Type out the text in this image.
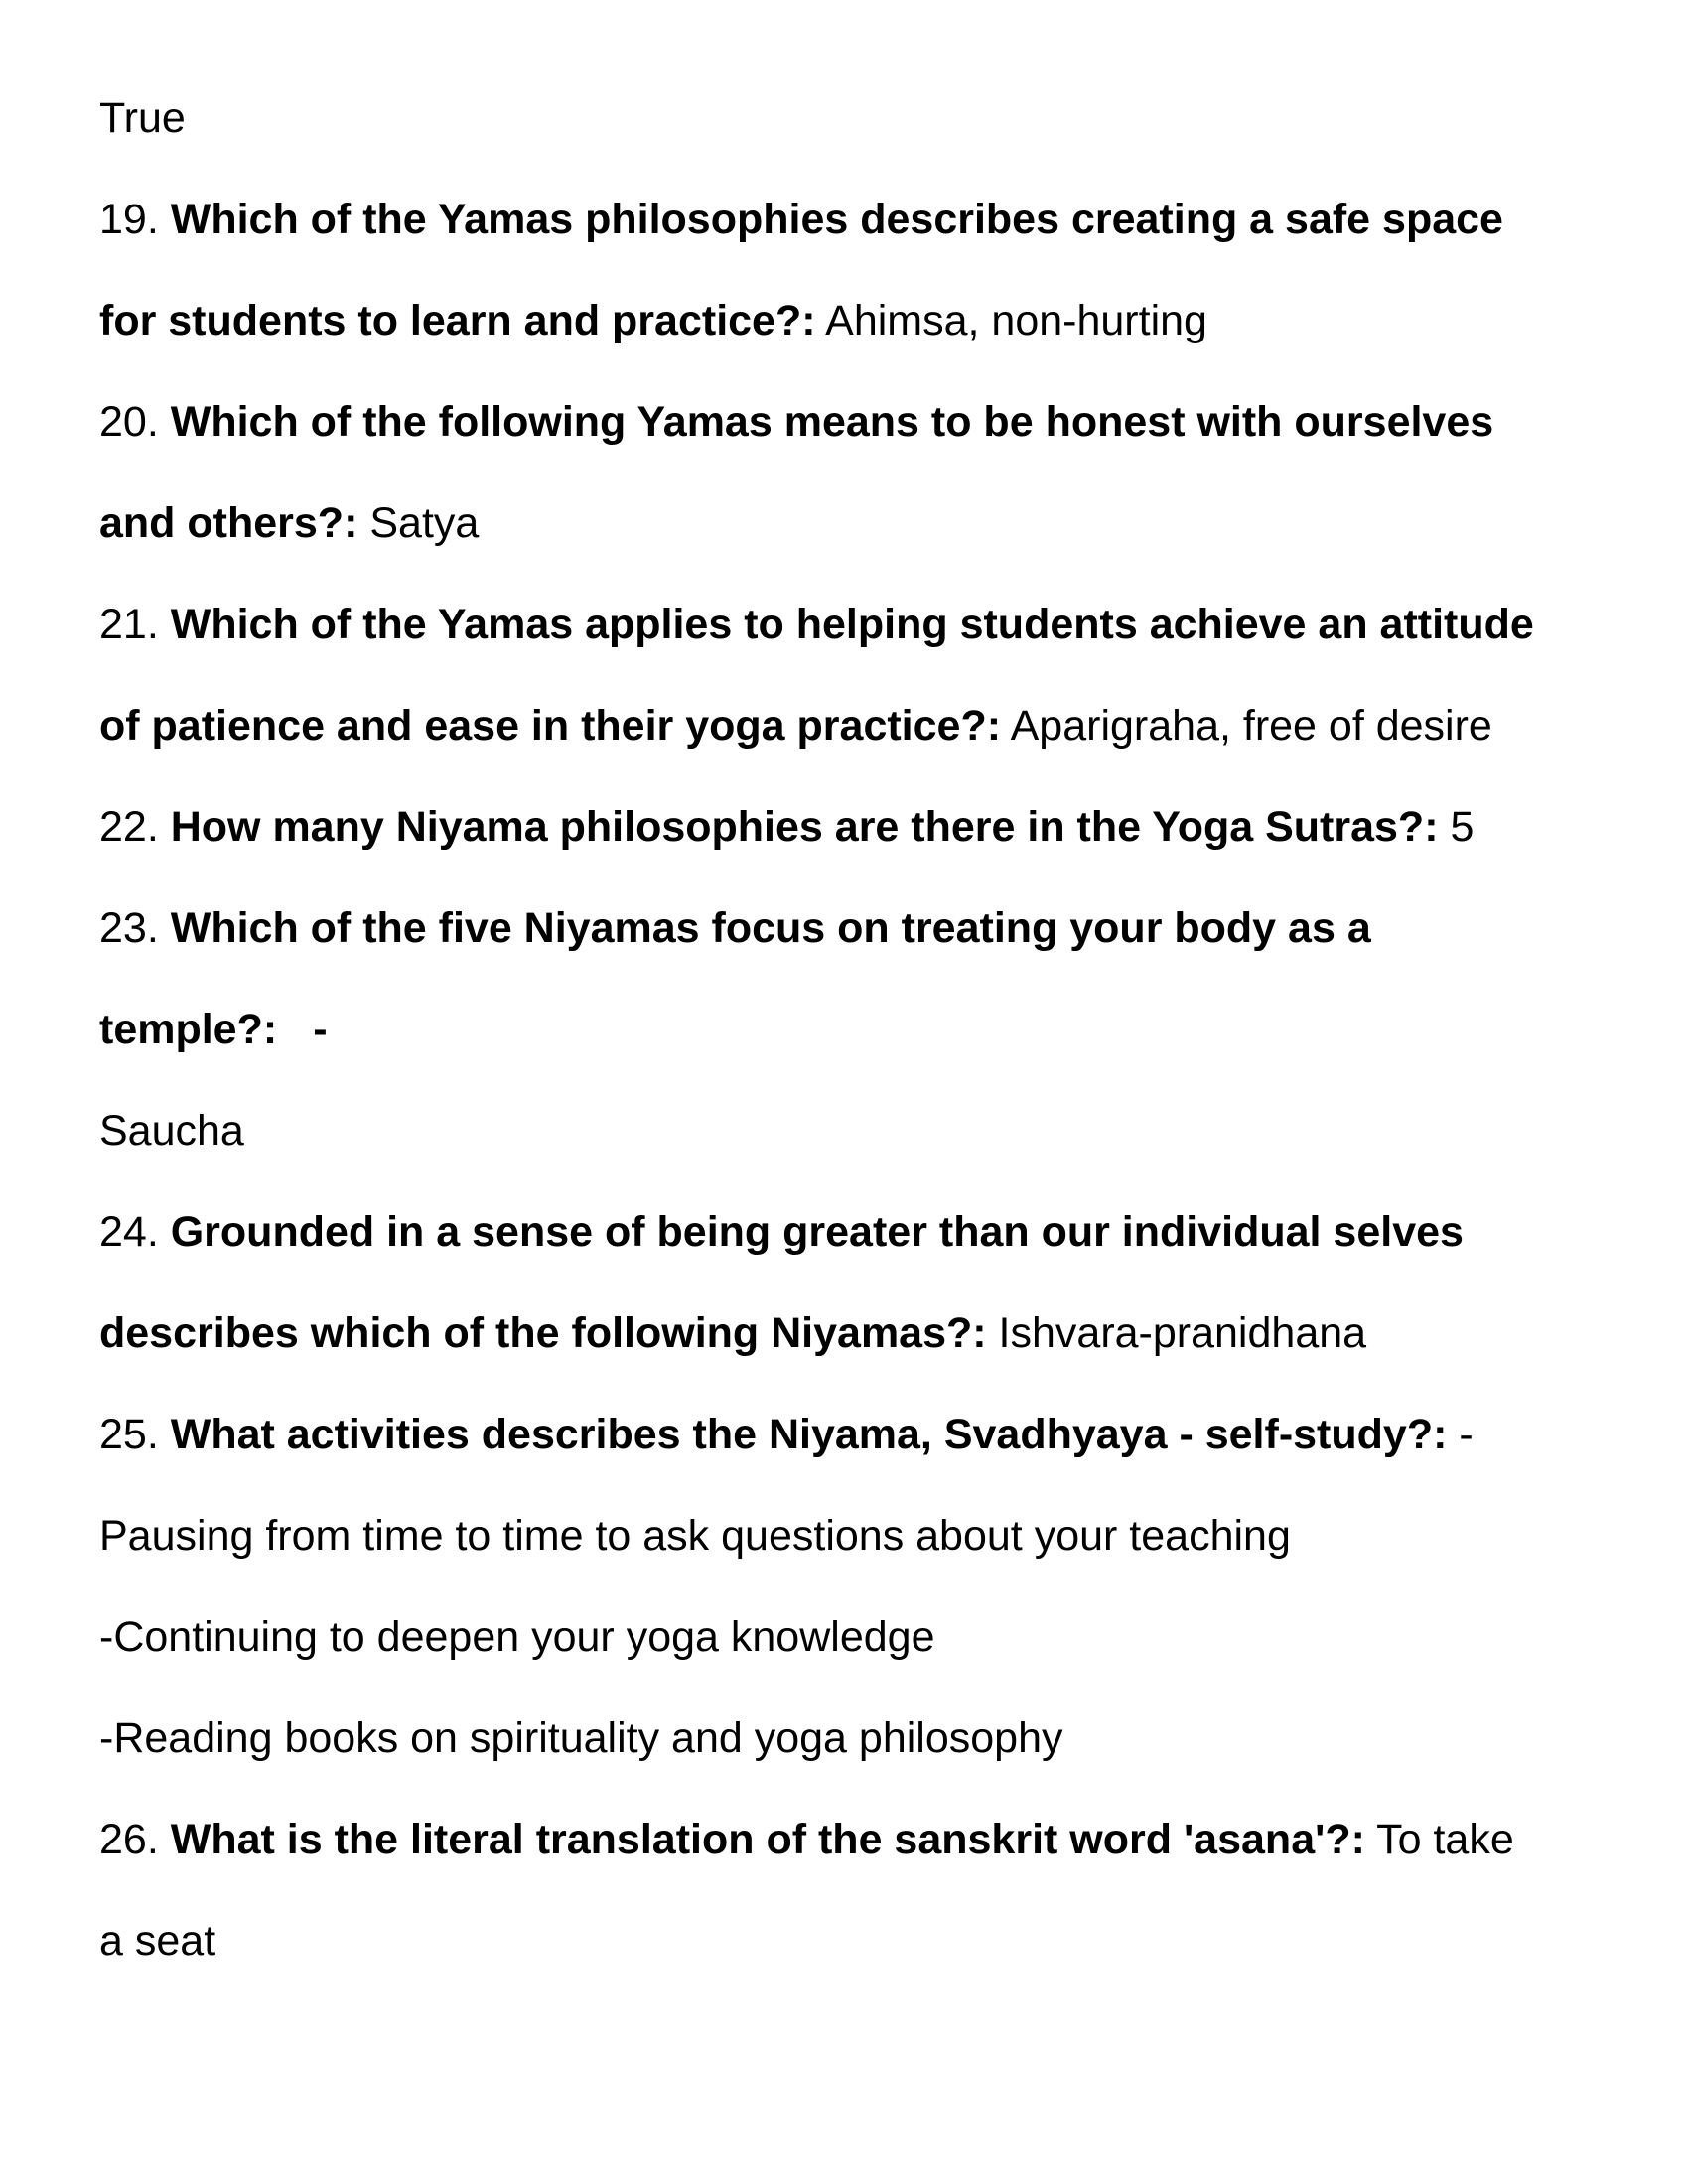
True
19. Which of the Yamas philosophies describes creating a safe space
for students to learn and practice?: Ahimsa, non-hurting
20. Which of the following Yamas means to be honest with ourselves
and others?: Satya
21. Which of the Yamas applies to helping students achieve an attitude
of patience and ease in their yoga practice?: Aparigraha, free of desire
22. How many Niyama philosophies are there in the Yoga Sutras?: 5
23. Which of the five Niyamas focus on treating your body as a
temple?: -
Saucha
24. Grounded in a sense of being greater than our individual selves
describes which of the following Niyamas?: Ishvara-pranidhana
25. What activities describes the Niyama, Svadhyaya - self-study?: -
Pausing from time to time to ask questions about your teaching
-Continuing to deepen your yoga knowledge
-Reading books on spirituality and yoga philosophy
26. What is the literal translation of the sanskrit word 'asana'?: To take
a seat
